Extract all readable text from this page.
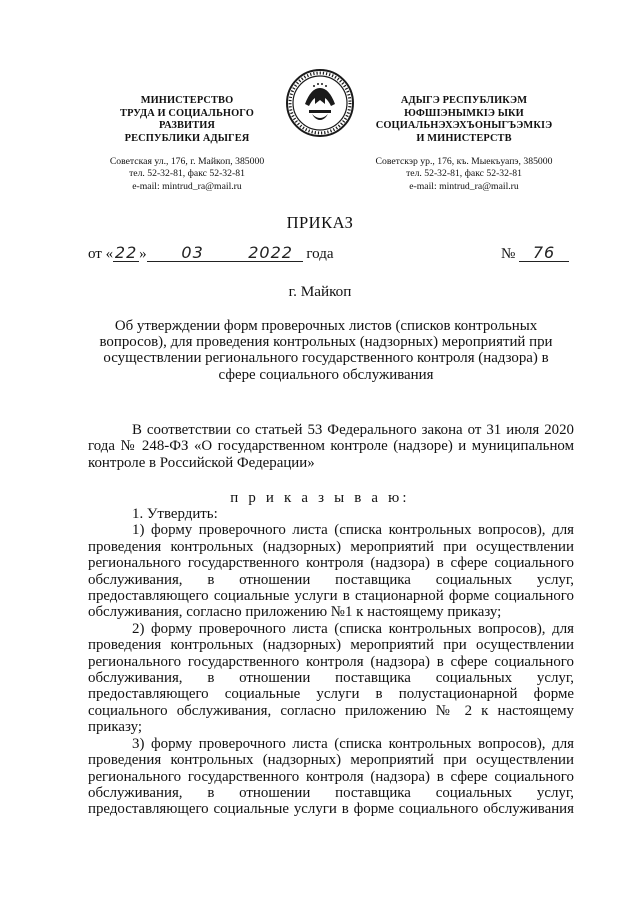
МИНИСТЕРСТВО
ТРУДА И СОЦИАЛЬНОГО
РАЗВИТИЯ
РЕСПУБЛИКИ АДЫГЕЯ
Советская ул., 176, г. Майкоп, 385000
тел. 52-32-81, факс 52-32-81
e-mail: mintrud_ra@mail.ru
АДЫГЭ РЕСПУБЛИКЭМ
ЮФШІЭНЫМКІЭ ЫКИ
СОЦИАЛЬНЭХЭХЪОНЫГЪЭМКІЭ
И МИНИСТЕРСТВ
Советскэр ур., 176, къ. Мыекъуапэ, 385000
тел. 52-32-81, факс 52-32-81
e-mail: mintrud_ra@mail.ru
ПРИКАЗ
от « 22 » 03	2022 года	№ 76
г. Майкоп
Об утверждении форм проверочных листов (списков контрольных
вопросов), для проведения контрольных (надзорных) мероприятий при
осуществлении регионального государственного контроля (надзора) в
сфере социального обслуживания
В соответствии со статьей 53 Федерального закона от 31 июля 2020
года № 248-ФЗ «О государственном контроле (надзоре) и муниципальном
контроле в Российской Федерации»
п р и к а з ы в а ю:
1. Утвердить:
1) форму проверочного листа (списка контрольных вопросов), для
проведения контрольных (надзорных) мероприятий при осуществлении
регионального государственного контроля (надзора) в сфере социального
обслуживания, в отношении поставщика социальных услуг,
предоставляющего социальные услуги в стационарной форме социального
обслуживания, согласно приложению №1 к настоящему приказу;
2) форму проверочного листа (списка контрольных вопросов), для
проведения контрольных (надзорных) мероприятий при осуществлении
регионального государственного контроля (надзора) в сфере социального
обслуживания, в отношении поставщика социальных услуг,
предоставляющего социальные услуги в полустационарной форме
социального обслуживания, согласно приложению № 2 к настоящему
приказу;
3) форму проверочного листа (списка контрольных вопросов), для
проведения контрольных (надзорных) мероприятий при осуществлении
регионального государственного контроля (надзора) в сфере социального
обслуживания, в отношении поставщика социальных услуг,
предоставляющего социальные услуги в форме социального обслуживания
